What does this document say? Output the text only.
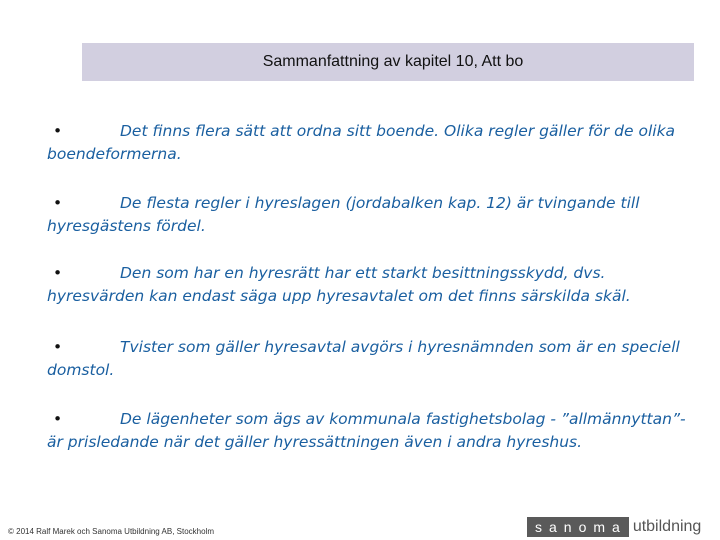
Sammanfattning av kapitel 10, Att bo

•	Det finns flera sätt att ordna sitt boende. Olika regler gäller för de olika boendeformerna.

•	De flesta regler i hyreslagen (jordabalken kap. 12) är tvingande till hyresgästens fördel.

•	Den som har en hyresrätt har ett starkt besittningsskydd, dvs. hyresvärden kan endast säga upp hyresavtalet om det finns särskilda skäl.

•	Tvister som gäller hyresavtal avgörs i hyresnämnden som är en speciell domstol.

•	De lägenheter som ägs av kommunala fastighetsbolag - ”allmännyttan”- är prisledande när det gäller hyressättningen även i andra hyreshus.

© 2014 Ralf Marek och Sanoma Utbildning AB, Stockholm	sanoma utbildning
